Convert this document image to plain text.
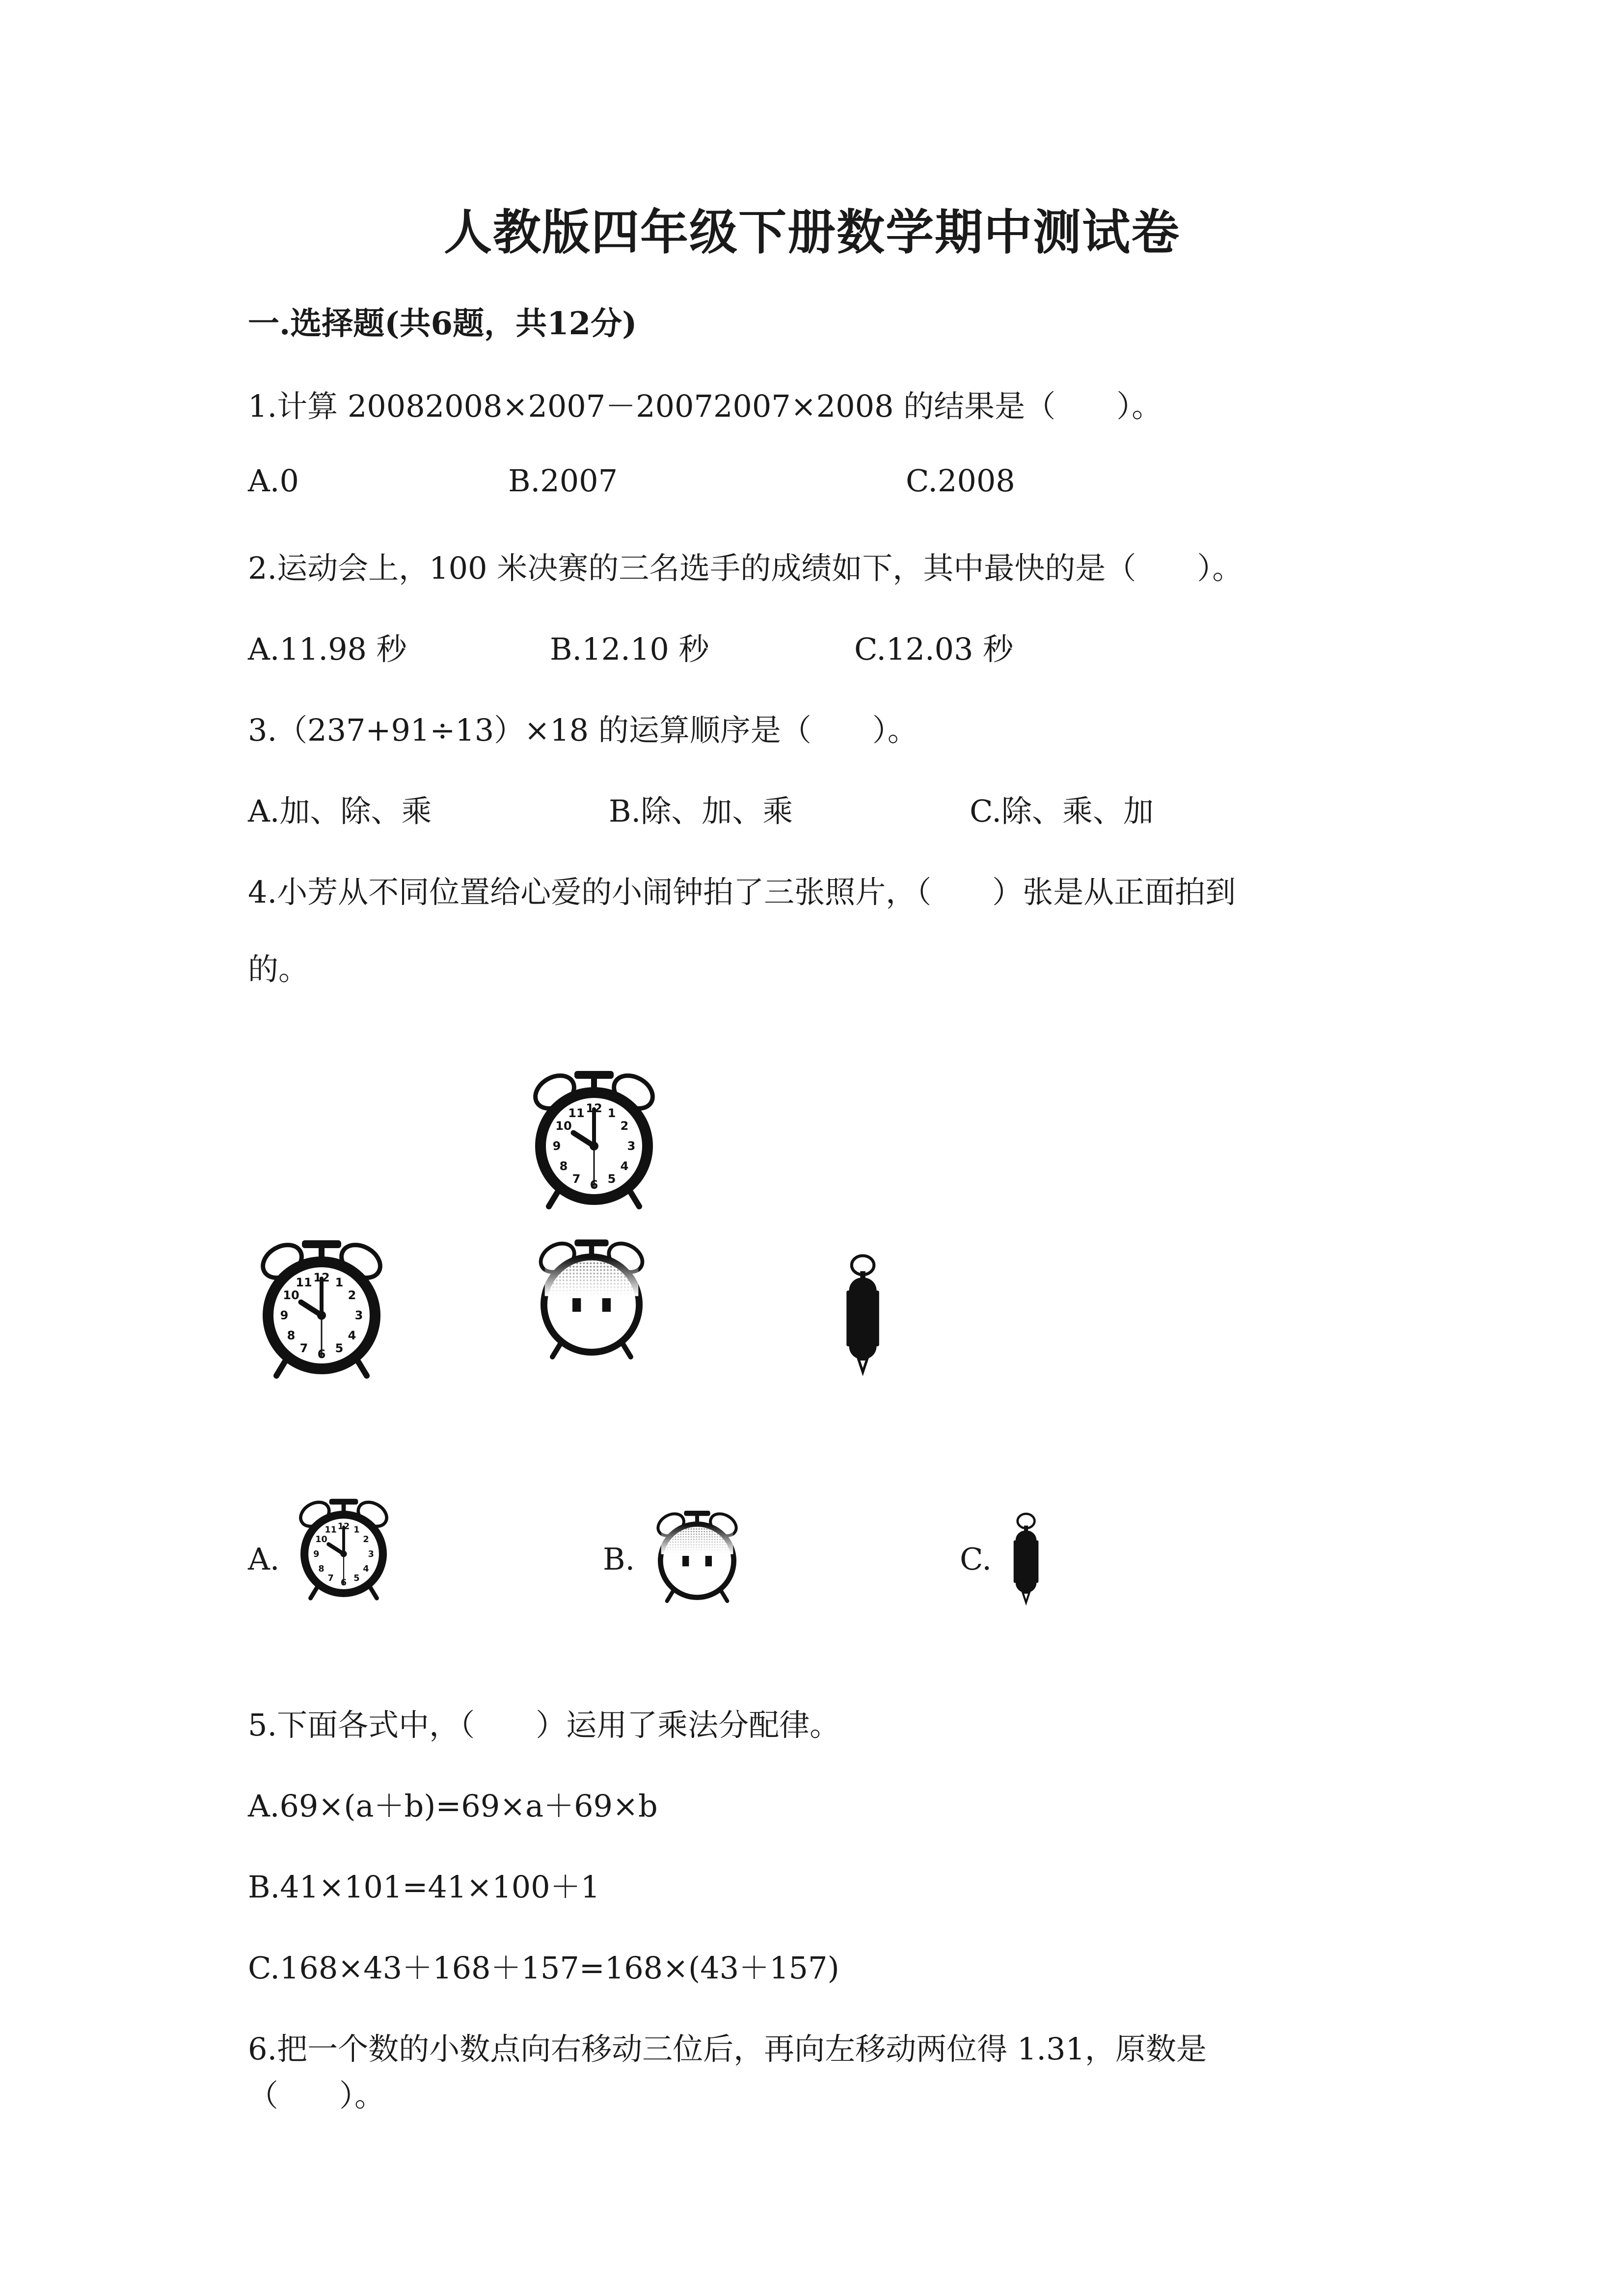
人教版四年级下册数学期中测试卷
一.选择题(共6题，共12分)
1.计算 20082008×2007－20072007×2008 的结果是（　　）。
A.0	B.2007	C.2008
2.运动会上，100 米决赛的三名选手的成绩如下，其中最快的是（　　）。
A.11.98 秒	B.12.10 秒	C.12.03 秒
3.（237+91÷13）×18 的运算顺序是（　　）。
A.加、除、乘	B.除、加、乘	C.除、乘、加
4.小芳从不同位置给心爱的小闹钟拍了三张照片，（　　）张是从正面拍到
的。
A.	B.	C.
5.下面各式中，（　　）运用了乘法分配律。
A.69×(a＋b)=69×a＋69×b
B.41×101=41×100＋1
C.168×43＋168＋157=168×(43＋157)
6.把一个数的小数点向右移动三位后，再向左移动两位得 1.31，原数是
（　　）。
